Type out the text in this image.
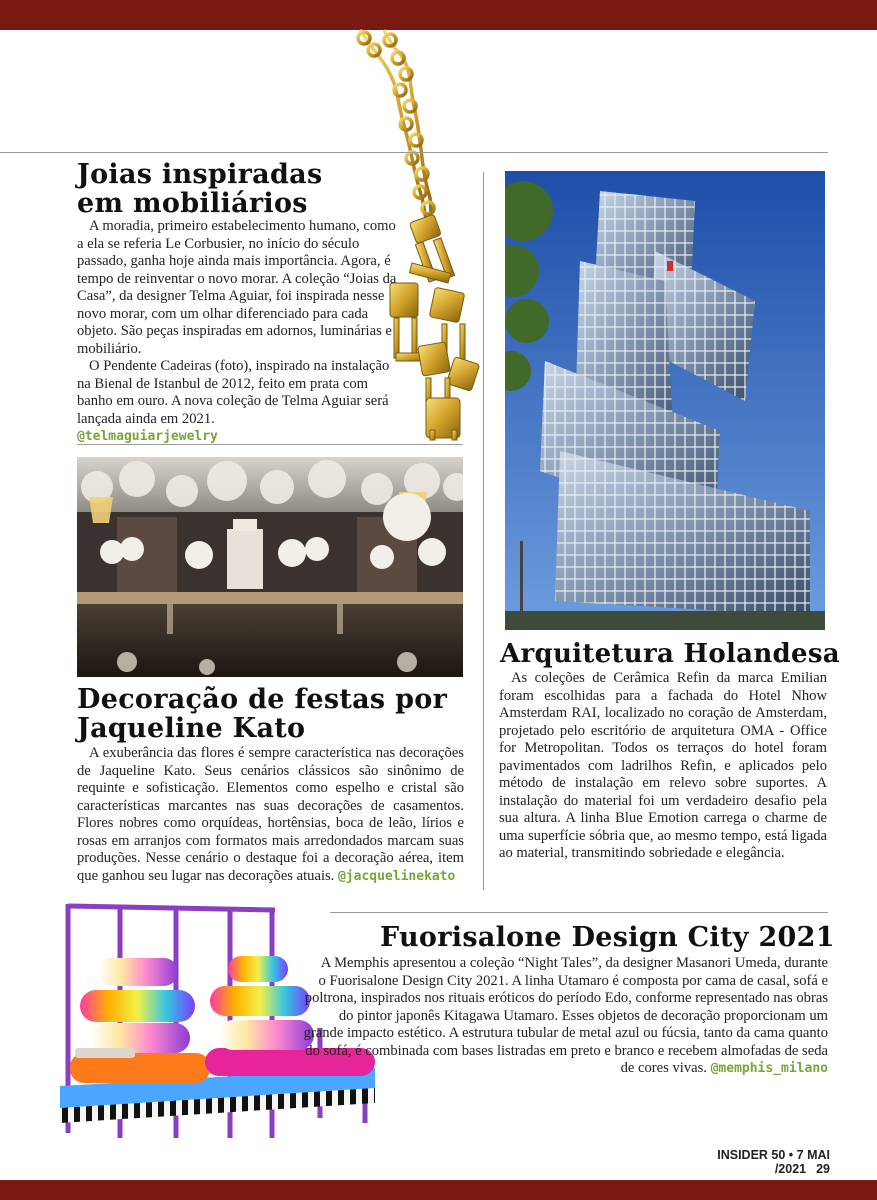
Joias inspiradas
em mobiliários

A moradia, primeiro estabelecimento humano, como a ela se referia Le Corbusier, no início do século passado, ganha hoje ainda mais importância. Agora, é tempo de reinventar o novo morar. A coleção “Joias da Casa”, da designer Telma Aguiar, foi inspirada nesse novo morar, com um olhar diferenciado para cada objeto. São peças inspiradas em adornos, luminárias e mobiliário.

O Pendente Cadeiras (foto), inspirado na instalação na Bienal de Istanbul de 2012, feito em prata com banho em ouro. A nova coleção de Telma Aguiar será lançada ainda em 2021.

@telmaguiarjewelry
Decoração de festas por
Jaqueline Kato

A exuberância das flores é sempre característica nas decorações de Jaqueline Kato. Seus cenários clássicos são sinônimo de requinte e sofisticação. Elementos como espelho e cristal são características marcantes nas suas decorações de casamentos. Flores nobres como orquídeas, hortênsias, boca de leão, lírios e rosas em arranjos com formatos mais arredondados marcam suas produções. Nesse cenário o destaque foi a decoração aérea, item que ganhou seu lugar nas decorações atuais. @jacquelinekato

Arquitetura Holandesa

As coleções de Cerâmica Refin da marca Emilian foram escolhidas para a fachada do Hotel Nhow Amsterdam RAI, localizado no coração de Amsterdam, projetado pelo escritório de arquitetura OMA - Office for Metropolitan. Todos os terraços do hotel foram pavimentados com ladrilhos Refin, e aplicados pelo método de instalação em relevo sobre suportes. A instalação do material foi um verdadeiro desafio pela sua altura. A linha Blue Emotion carrega o charme de uma superfície sóbria que, ao mesmo tempo, está ligada ao material, transmitindo sobriedade e elegância.

Fuorisalone Design City 2021

A Memphis apresentou a coleção “Night Tales”, da designer Masanori Umeda, durante o Fuorisalone Design City 2021. A linha Utamaro é composta por cama de casal, sofá e poltrona, inspirados nos rituais eróticos do período Edo, conforme representado nas obras do pintor japonês Kitagawa Utamaro. Esses objetos de decoração proporcionam um grande impacto estético. A estrutura tubular de metal azul ou fúcsia, tanto da cama quanto do sofá, é combinada com bases listradas em preto e branco e recebem almofadas de seda de cores vivas. @memphis_milano

INSIDER 50 • 7 MAI /2021 29
